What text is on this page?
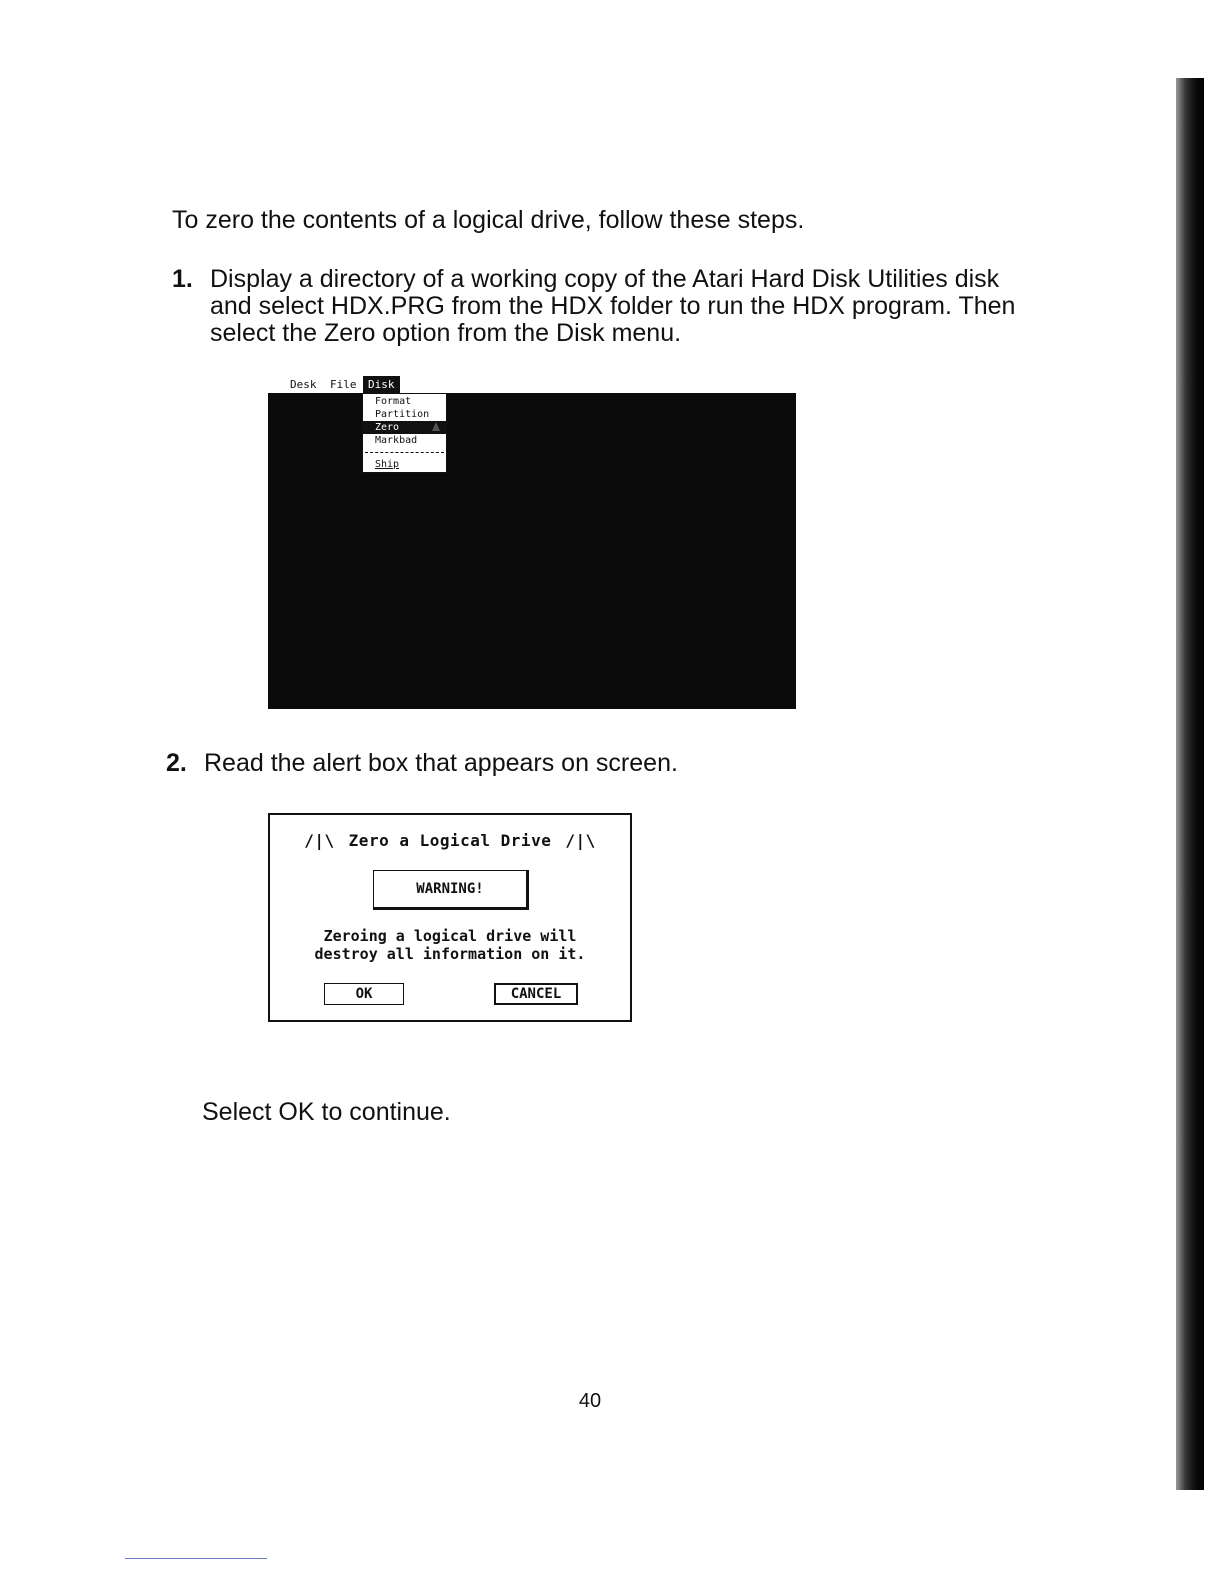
To zero the contents of a logical drive, follow these steps.

1. Display a directory of a working copy of the Atari Hard Disk Utilities disk and select HDX.PRG from the HDX folder to run the HDX program. Then select the Zero option from the Disk menu.
Desk File	Disk
Format
Partition
Zero
Markbad
Ship
2. Read the alert box that appears on screen.
/|\ Zero a Logical Drive /|\
WARNING!
Zeroing a logical drive will
destroy all information on it.
OK	CANCEL

Select OK to continue.

40
